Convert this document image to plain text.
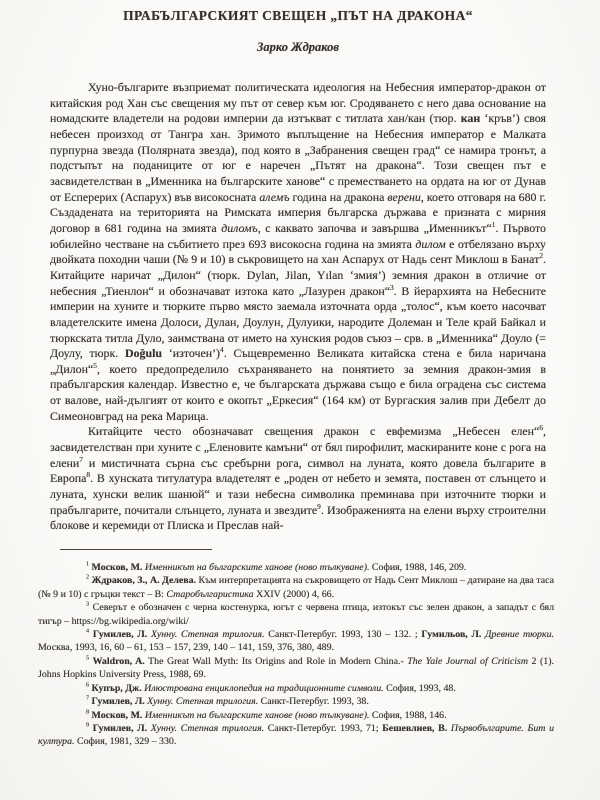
ПРАБЪЛГАРСКИЯТ СВЕЩЕН „ПЪТ НА ДРАКОНА“
Зарко Ждраков

Хуно-българите възприемат политическата идеология на Небесния император-дракон от китайския род Хан със свещения му път от север към юг. Сродяването с него дава основание на номадските владетели на родови империи да изтъкват с титлата хан/кан (тюр. кан ‘кръв’) своя небесен произход от Тангра хан. Зримото въплъщение на Небесния император е Малката пурпурна звезда (Полярната звезда), под която в „Забранения свещен град“ се намира тронът, а подстъпът на поданиците от юг е наречен „Пътят на дракона“. Този свещен път е засвидетелстван в „Именника на българските ханове“ с преместването на ордата на юг от Дунав от Есперерих (Аспарух) във високосната алемъ година на дракона верени, което отговаря на 680 г. Създадената на територията на Римската империя българска държава е призната с мирния договор в 681 година на змията диломъ, с каквато започва и завършва „Именникът“$^1$. Първото юбилейно честване на събитието през 693 високосна година на змията дилом е отбелязано върху двойката походни чаши (№ 9 и 10) в съкровището на хан Аспарух от Надь сент Миклош в Банат$^2$. Китайците наричат „Дилон“ (тюрк. Dylan, Jilan, Yılan ‘змия’) земния дракон в отличие от небесния „Тиенлон“ и обозначават изтока като „Лазурен дракон“$^3$. В йерархията на Небесните империи на хуните и тюрките първо място заемала източната орда „толос“, към което насочват владетелските имена Долоси, Дулан, Доулун, Дулуики, народите Долеман и Теле край Байкал и тюркската титла Дуло, заимствана от името на хунския родов съюз – срв. в „Именника“ Доуло (= Доулу, тюрк. Doğulu ‘източен’)$^4$. Същевременно Великата китайска стена е била наричана „Дилон“$^5$, което предопределило съхраняването на понятието за земния дракон-змия в прабългарския календар. Известно е, че българската държава също е била оградена със система от валове, най-дългият от които е окопът „Еркесия“ (164 км) от Бургаския залив при Дебелт до Симеоновград на река Марица.

Китайците често обозначават свещения дракон с евфемизма „Небесен елен“$^6$, засвидетелстван при хуните с „Еленовите камъни“ от бял пирофилит, маскираните коне с рога на елени$^7$ и мистичната сърна със сребърни рога, символ на луната, която довела българите в Европа$^8$. В хунската титулатура владетелят е „роден от небето и земята, поставен от слънцето и луната, хунски велик шанюй“ и тази небесна символика преминава при източните тюрки и прабългарите, почитали слънцето, луната и звездите$^9$. Изображенията на елени върху строителни блокове и керемиди от Плиска и Преслав най-

$^1$ Москов, М. Именникът на българските ханове (ново тълкуване). София, 1988, 146, 209.

$^2$ Ждраков, З., А. Делева. Към интерпретацията на съкровището от Надь Сент Миклош – датиране на два таса (№ 9 и 10) с гръцки текст – В: Старобългаристика XXIV (2000) 4, 66.

$^3$ Северът е обозначен с черна костенурка, югът с червена птица, изтокът със зелен дракон, а западът с бял тигър – https://bg.wikipedia.org/wiki/

$^4$ Гумилев, Л. Хунну. Степная трилогия. Санкт-Петербуг. 1993, 130 – 132. ; Гумильов, Л. Древние тюрки. Москва, 1993, 16, 60 – 61, 153 – 157, 239, 140 – 141, 159, 376, 380, 489.

$^5$ Waldron, A. The Great Wall Myth: Its Origins and Role in Modern China.- The Yale Journal of Criticism 2 (1). Johns Hopkins University Press, 1988, 69.

$^6$ Купър, Дж. Илюстрована енциклопедия на традиционните символи. София, 1993, 48.

$^7$ Гумилев, Л. Хунну. Степная трилогия. Санкт-Петербуг. 1993, 38.

$^8$ Москов, М. Именникът на българските ханове (ново тълкуване). София, 1988, 146.

$^9$ Гумилев, Л. Хунну. Степная трилогия. Санкт-Петербуг. 1993, 71; Бешевлиев, В. Първобългарите. Бит и култура. София, 1981, 329 – 330.
